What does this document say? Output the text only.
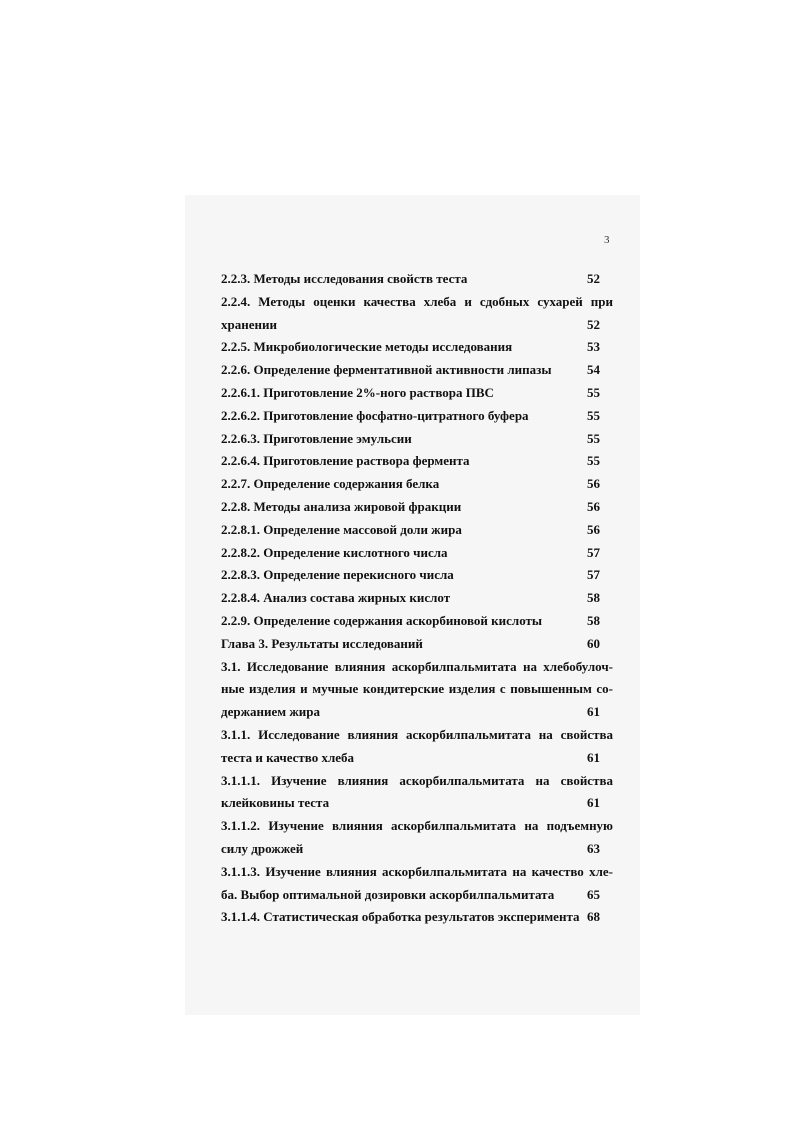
3
2.2.3. Методы исследования свойств теста	52
2.2.4. Методы оценки качества хлеба и сдобных сухарей при
хранении	52
2.2.5. Микробиологические методы исследования	53
2.2.6. Определение ферментативной активности липазы	54
2.2.6.1. Приготовление 2%-ного раствора ПВС	55
2.2.6.2. Приготовление фосфатно-цитратного буфера	55
2.2.6.3. Приготовление эмульсии	55
2.2.6.4. Приготовление раствора фермента	55
2.2.7. Определение содержания белка	56
2.2.8. Методы анализа жировой фракции	56
2.2.8.1. Определение массовой доли жира	56
2.2.8.2. Определение кислотного числа	57
2.2.8.3. Определение перекисного числа	57
2.2.8.4. Анализ состава жирных кислот	58
2.2.9. Определение содержания аскорбиновой кислоты	58
Глава 3. Результаты исследований	60
3.1. Исследование влияния аскорбилпальмитата на хлебобулоч-
ные изделия и мучные кондитерские изделия с повышенным со-
держанием жира	61
3.1.1. Исследование влияния аскорбилпальмитата на свойства
теста и качество хлеба	61
3.1.1.1. Изучение влияния аскорбилпальмитата на свойства
клейковины теста	61
3.1.1.2. Изучение влияния аскорбилпальмитата на подъемную
силу дрожжей	63
3.1.1.3. Изучение влияния аскорбилпальмитата на качество хле-
ба. Выбор оптимальной дозировки аскорбилпальмитата	65
3.1.1.4. Статистическая обработка результатов эксперимента 68
